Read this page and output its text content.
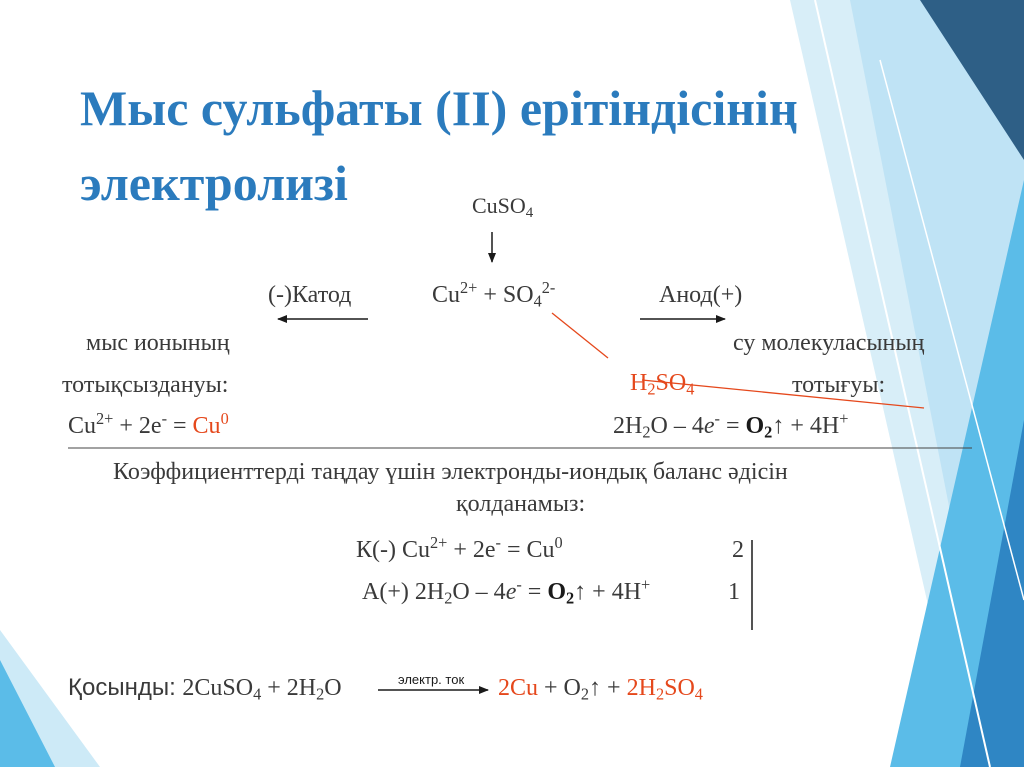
Мыс сульфаты (II) ерітіндісінің
электролизі	CuSO$_4$
(-)Катод	$Cu^{2+} + SO_4^{2-}$	Анод(+)
мыс ионының	су молекуласының
тотықсыздануы:	$H_2SO_4$	тотығуы:
$Cu^{2+} + 2e^- = Cu^0$	$2H_2O - 4e^-$ = $O_2↑ + 4H^+$
Коэффициенттерді таңдау үшін электронды-иондық баланс әдісін
қолданамыз:
К(-) $Cu^{2+} + 2e^- = Cu^0$	2
А(+) $2H_2O - 4e^-$ = $O_2↑ + 4H^+$	1
Қосынды: 2CuSO$_4$ + $2H_2O$	электр. ток $2Cu + O_2↑ + 2H_2SO_4$
